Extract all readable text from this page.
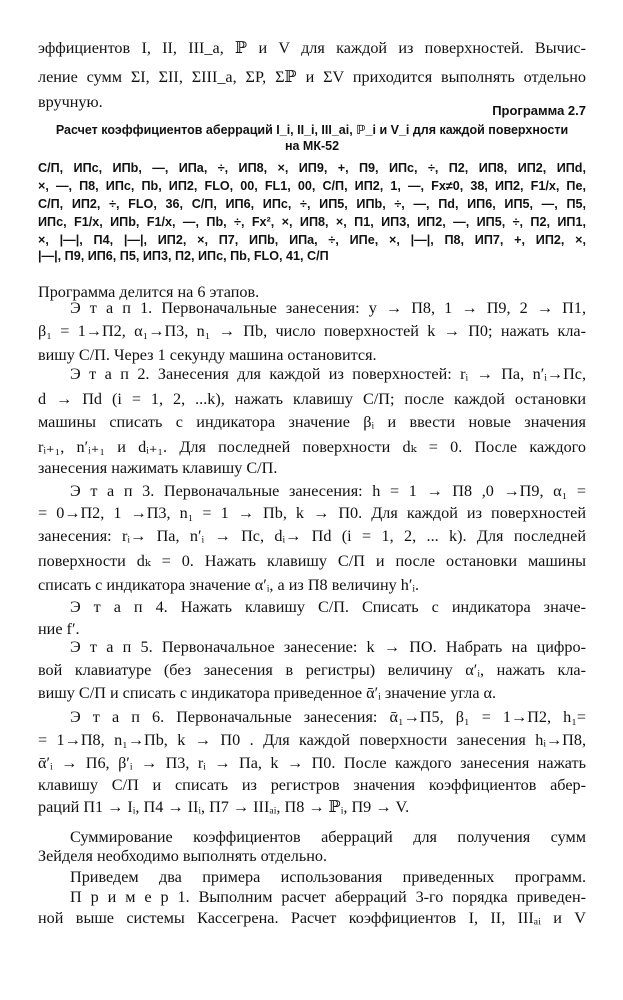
эффициентов I, II, III_a, ℙ и V для каждой из поверхностей. Вычис-
ление сумм ΣI, ΣII, ΣIII_a, ΣP, Σℙ и ΣV приходится выполнять отдельно
вручную.	Программа 2.7
Расчет коэффициентов аберраций I_i, II_i, III_ai, ℙ_i и V_i для каждой поверхности
на МК-52
С/П, ИПс, ИПb, —, ИПа, ÷, ИП8, ×, ИП9, +, П9, ИПс, ÷, П2, ИП8, ИП2, ИПd,
×, —, П8, ИПс, Пb, ИП2, FLO, 00, FL1, 00, С/П, ИП2, 1, —, Fx≠0, 38, ИП2, F1/x, Пе,
С/П, ИП2, ÷, FLO, 36, С/П, ИП6, ИПс, ÷, ИП5, ИПb, ÷, —, Пd, ИП6, ИП5, —, П5,
ИПс, F1/x, ИПb, F1/x, —, Пb, ÷, Fx², ×, ИП8, ×, П1, ИП3, ИП2, —, ИП5, ÷, П2, ИП1,
×, |—|, П4, |—|, ИП2, ×, П7, ИПb, ИПа, ÷, ИПе, ×, |—|, П8, ИП7, +, ИП2, ×,
|—|, П9, ИП6, П5, ИП3, П2, ИПс, Пb, FLO, 41, С/П
Программа делится на 6 этапов.
Э т а п 1. Первоначальные занесения: y → П8, 1 → П9, 2 → П1,
β₁ = 1→П2, α₁→П3, n₁ → Пb, число поверхностей k → П0; нажать кла-
вишу С/П. Через 1 секунду машина остановится.
Э т а п 2. Занесения для каждой из поверхностей: rᵢ → Пa, n′ᵢ→Пc,
d → Пd (i = 1, 2, ...k), нажать клавишу С/П; после каждой остановки
машины списать с индикатора значение βᵢ и ввести новые значения
rᵢ₊₁, n′ᵢ₊₁ и dᵢ₊₁. Для последней поверхности dₖ = 0. После каждого
занесения нажимать клавишу С/П.
Э т а п 3. Первоначальные занесения: h = 1 → П8 ,0 →П9, α₁ =
= 0→П2, 1 →П3, n₁ = 1 → Пb, k → П0. Для каждой из поверхностей
занесения: rᵢ→ Пa, n′ᵢ → Пc, dᵢ→ Пd (i = 1, 2, ... k). Для последней
поверхности dₖ = 0. Нажать клавишу С/П и после остановки машины
списать с индикатора значение α′ᵢ, а из П8 величину h′ᵢ.
Э т а п 4. Нажать клавишу С/П. Списать с индикатора значе-
ние f′.
Э т а п 5. Первоначальное занесение: k → ПО. Набрать на цифро-
вой клавиатуре (без занесения в регистры) величину α′ᵢ, нажать кла-
вишу С/П и списать с индикатора приведенное ᾱ′ᵢ значение угла α.
Э т а п 6. Первоначальные занесения: ᾱ₁→П5, β₁ = 1→П2, h₁=
= 1→П8, n₁→Пb, k → П0 . Для каждой поверхности занесения hᵢ→П8,
ᾱ′ᵢ → П6, β′ᵢ → П3, rᵢ → Пa, k → П0. После каждого занесения нажать
клавишу С/П и списать из регистров значения коэффициентов абер-
раций П1 → Iᵢ, П4 → IIᵢ, П7 → IIIₐᵢ, П8 → ℙᵢ, П9 → V.
Суммирование коэффициентов аберраций для получения сумм
Зейделя необходимо выполнять отдельно.
Приведем два примера использования приведенных программ.
П р и м е р 1. Выполним расчет аберраций 3-го порядка приведен-
ной выше системы Кассегрена. Расчет коэффициентов I, II, IIIₐᵢ и V
